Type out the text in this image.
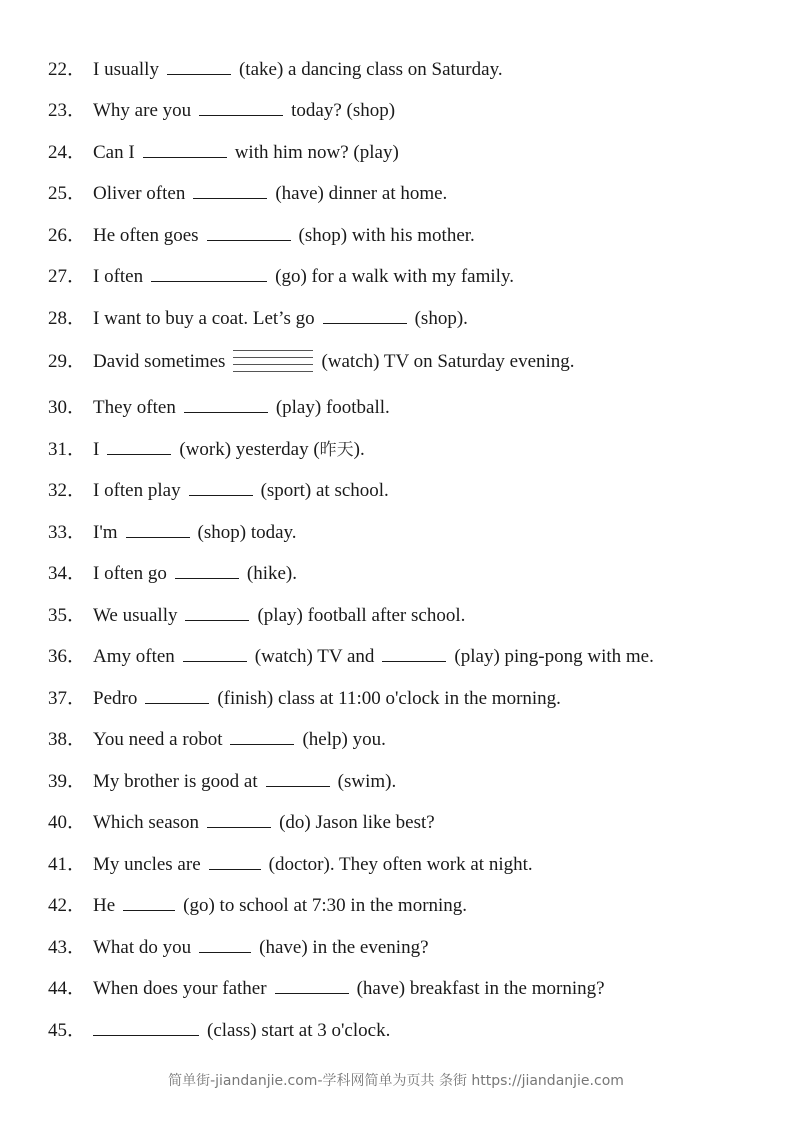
22． I usually	(take) a dancing class on Saturday.
23． Why are you	today? (shop)
24． Can I	with him now? (play)
25． Oliver often	(have) dinner at home.
26． He often goes	(shop) with his mother.
27． I often	(go) for a walk with my family.
28． I want to buy a coat. Let’s go	(shop).
29． David sometimes	(watch) TV on Saturday evening.
30． They often	(play) football.
31． I	(work) yesterday (昨天).
32． I often play	(sport) at school.
33． I'm	(shop) today.
34． I often go	(hike).
35． We usually	(play) football after school.
36． Amy often	(watch) TV and	(play) ping-pong with me.
37． Pedro	(finish) class at 11:00 o'clock in the morning.
38． You need a robot	(help) you.
39． My brother is good at	(swim).
40． Which season	(do) Jason like best?
41． My uncles are	(doctor). They often work at night.
42． He	(go) to school at 7:30 in the morning.
43． What do you	(have) in the evening?
44． When does your father	(have) breakfast in the morning?
45．	(class) start at 3 o'clock.
简单街-jiandanjie.com-学科网简单为页共 条街 https://jiandanjie.com
